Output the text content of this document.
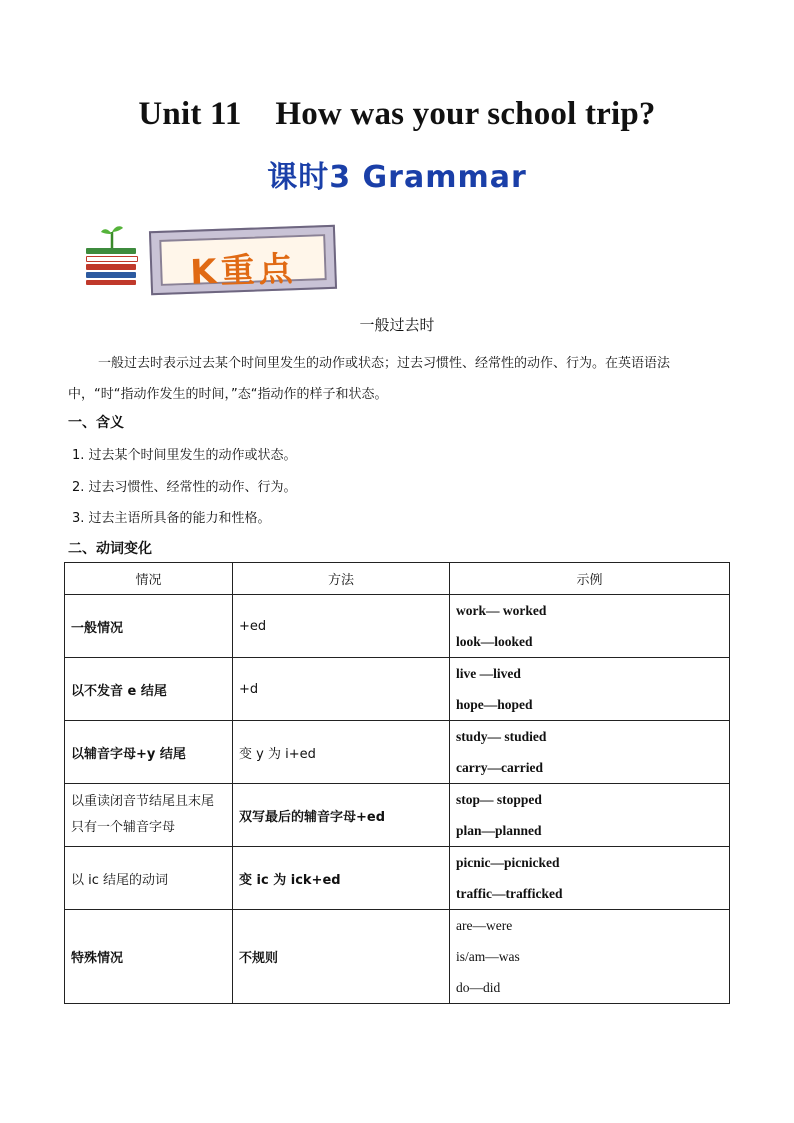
Unit 11    How was your school trip?
课时3 Grammar
K重点
一般过去时
一般过去时表示过去某个时间里发生的动作或状态；过去习惯性、经常性的动作、行为。在英语语法中，“时“指动作发生的时间，”态“指动作的样子和状态。
一、含义
1. 过去某个时间里发生的动作或状态。
2. 过去习惯性、经常性的动作、行为。
3. 过去主语所具备的能力和性格。
二、动词变化
情况	方法	示例
一般情况	+ed	work— worked
look—looked

以不发音 e 结尾	+d	live —lived
hope—hoped

以辅音字母+y 结尾	变 y 为 i+ed	study— studied
carry—carried

以重读闭音节结尾且末尾只有一个辅音字母	双写最后的辅音字母+ed	stop— stopped
plan—planned

以 ic 结尾的动词	变 ic 为 ick+ed	picnic—picnicked
traffic—trafficked

特殊情况	不规则	are—were
is/am—was
do—did
